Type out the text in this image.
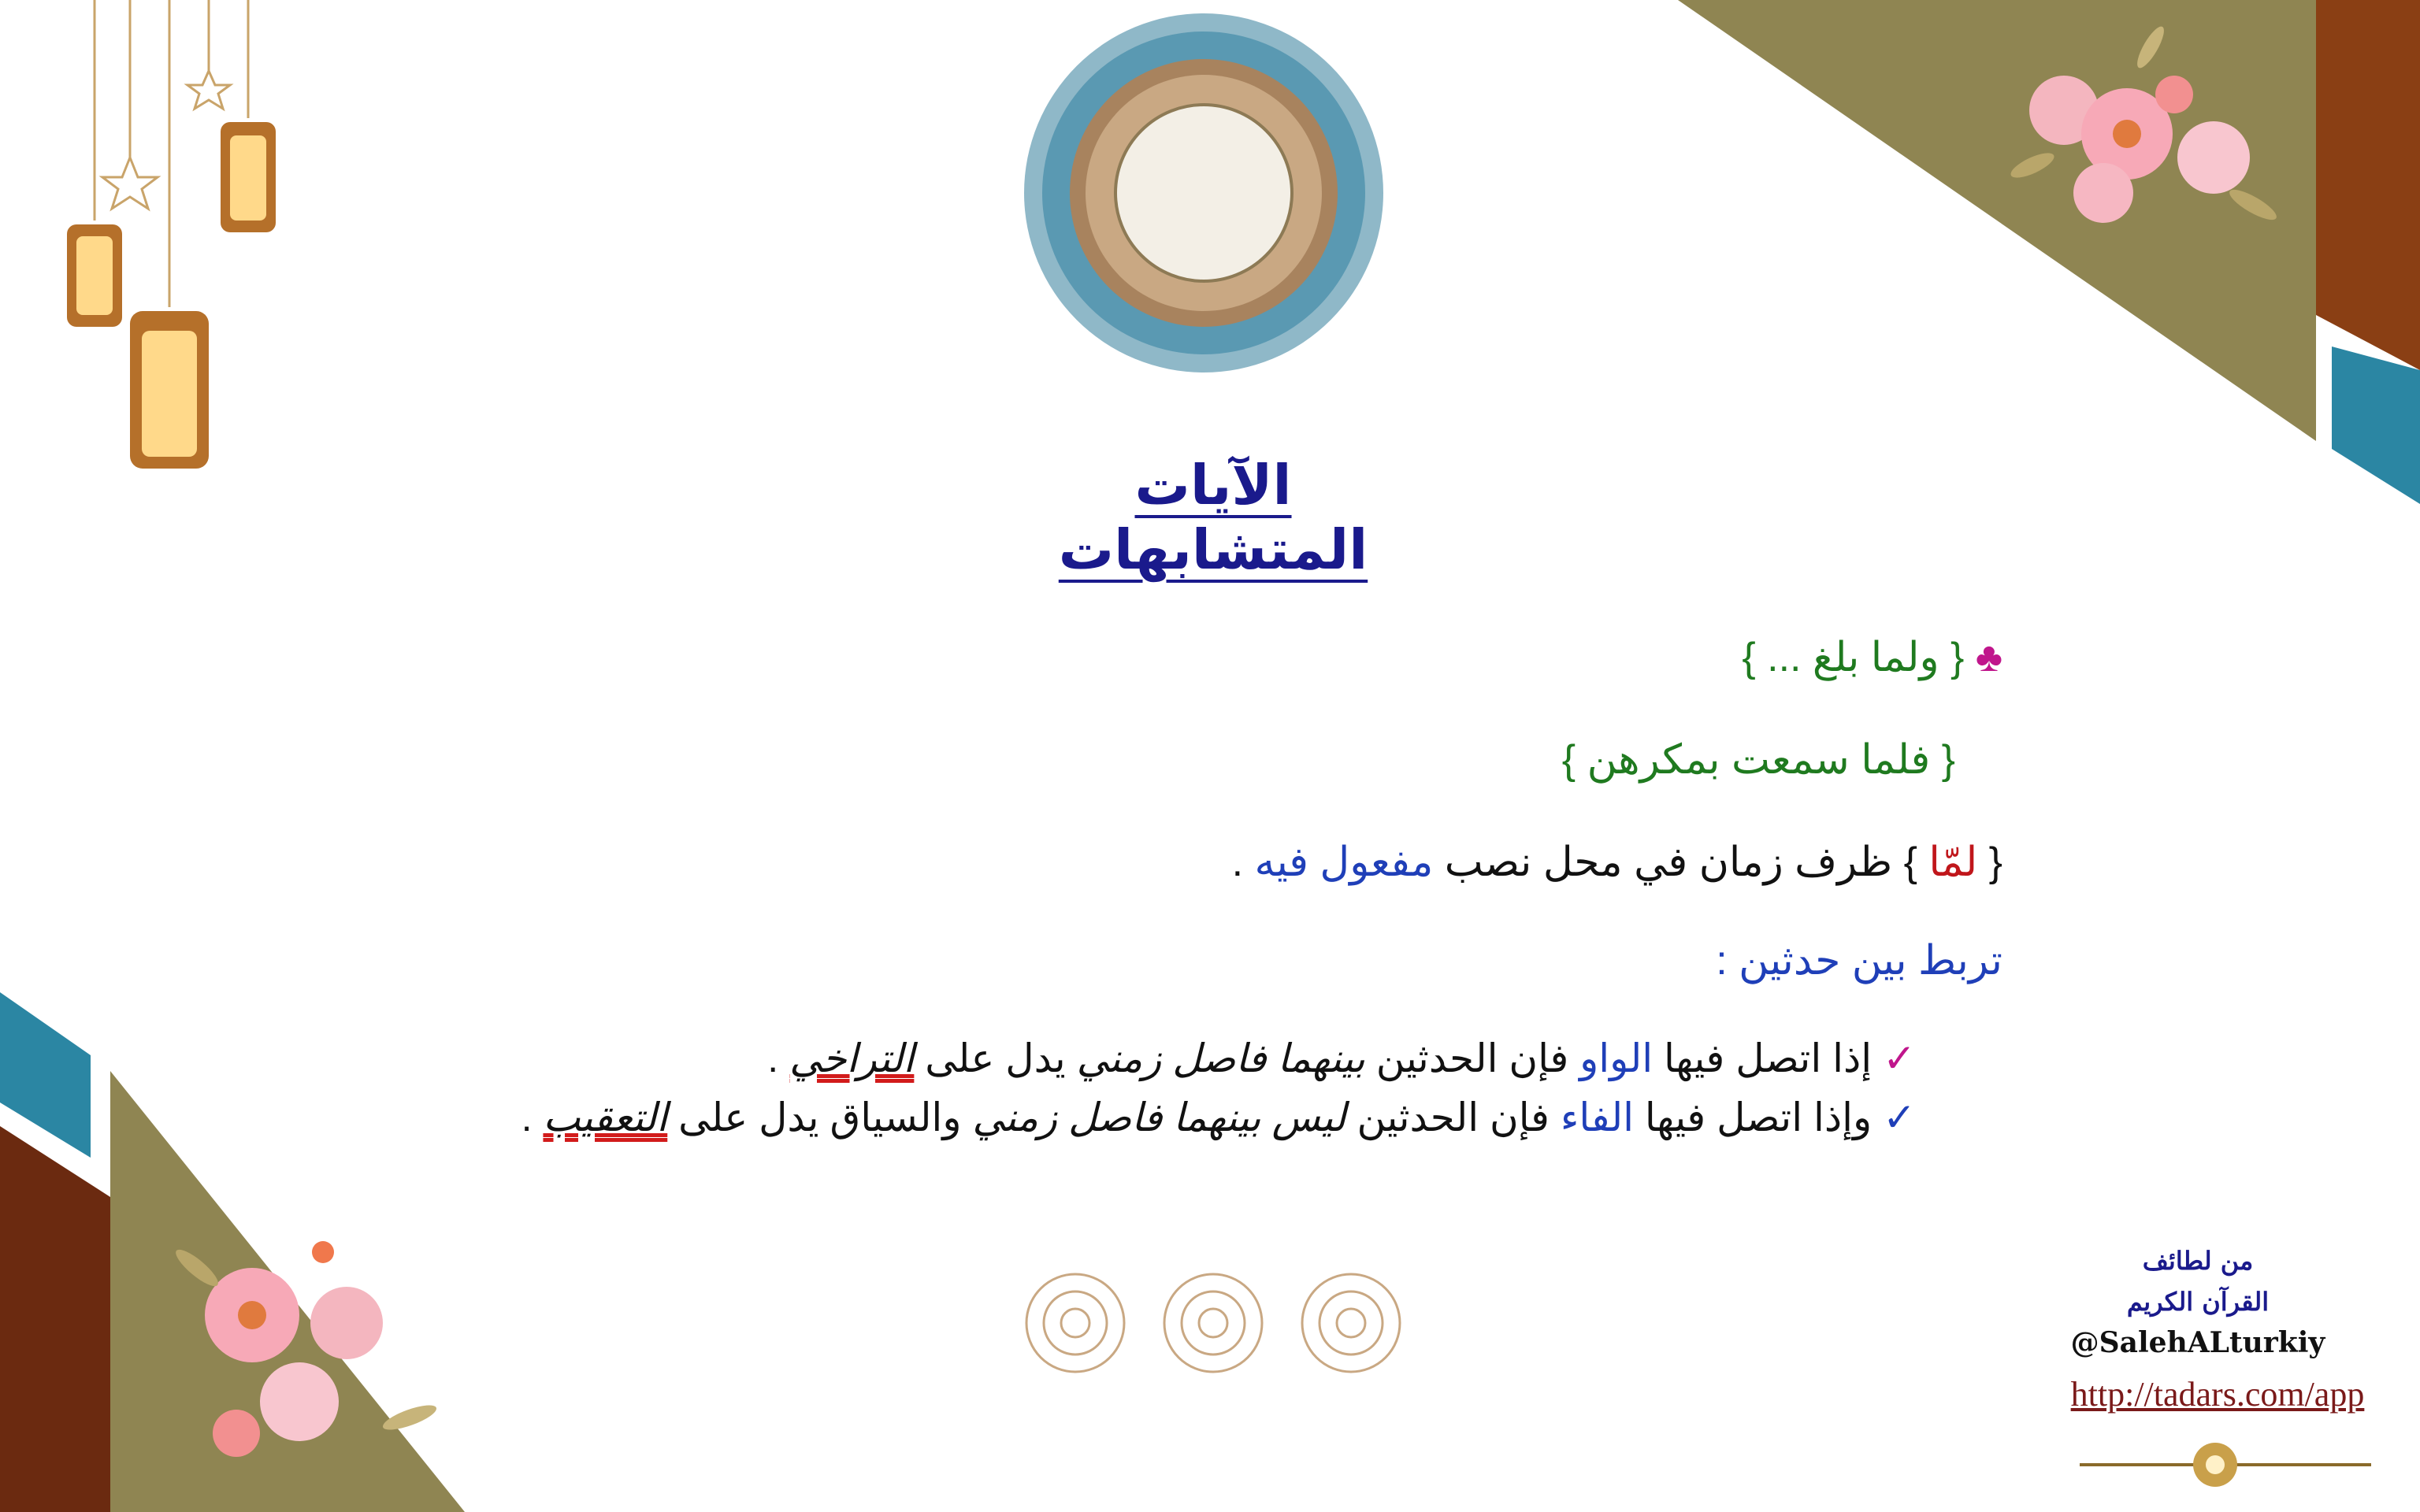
الآيات المتشابهات
♣ { ولما بلغ ... }
{ فلما سمعت بمكرهن }
{ لمّا } ظرف زمان في محل نصب مفعول فيه .
تربط بين حدثين :
✓ إذا اتصل فيها الواو فإن الحدثين بينهما فاصل زمني يدل على التراخي .
✓ وإذا اتصل فيها الفاء فإن الحدثين ليس بينهما فاصل زمني والسياق يدل على التعقيب .
من لطائف
القرآن الكريم
@SalehALturkiy
http://tadars.com/app
